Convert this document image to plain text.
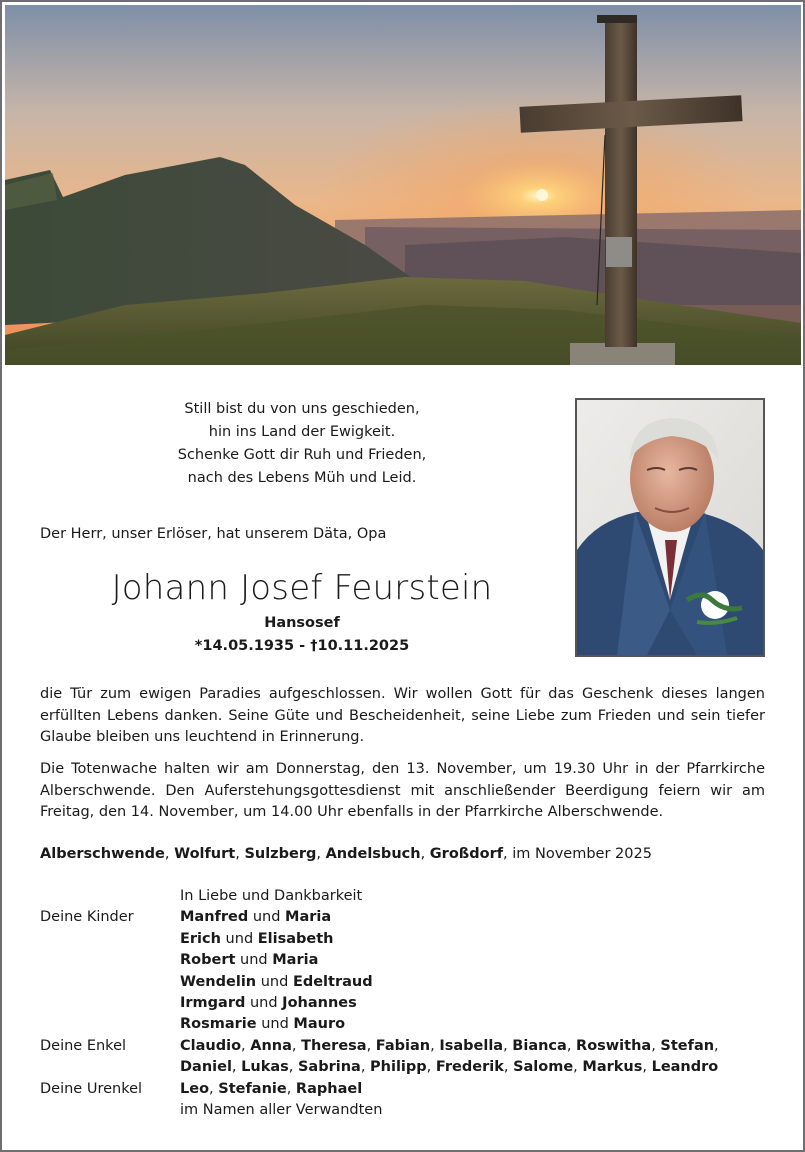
Still bist du von uns geschieden,
hin ins Land der Ewigkeit.
Schenke Gott dir Ruh und Frieden,
nach des Lebens Müh und Leid.
Der Herr, unser Erlöser, hat unserem Däta, Opa
Johann Josef Feurstein
Hansosef
*14.05.1935 - †10.11.2025
die Tür zum ewigen Paradies aufgeschlossen. Wir wollen Gott für das Geschenk dieses langen erfüllten Lebens danken. Seine Güte und Bescheidenheit, seine Liebe zum Frieden und sein tiefer Glaube bleiben uns leuchtend in Erinnerung.
Die Totenwache halten wir am Donnerstag, den 13. November, um 19.30 Uhr in der Pfarrkirche Alberschwende. Den Auferstehungsgottesdienst mit anschließender Beerdigung feiern wir am Freitag, den 14. November, um 14.00 Uhr ebenfalls in der Pfarrkirche Alberschwende.
Alberschwende, Wolfurt, Sulzberg, Andelsbuch, Großdorf, im November 2025
In Liebe und Dankbarkeit
Deine Kinder	Manfred und Maria
Erich und Elisabeth
Robert und Maria
Wendelin und Edeltraud
Irmgard und Johannes
Rosmarie und Mauro
Deine Enkel	Claudio, Anna, Theresa, Fabian, Isabella, Bianca, Roswitha, Stefan,
Daniel, Lukas, Sabrina, Philipp, Frederik, Salome, Markus, Leandro
Deine Urenkel	Leo, Stefanie, Raphael
im Namen aller Verwandten
